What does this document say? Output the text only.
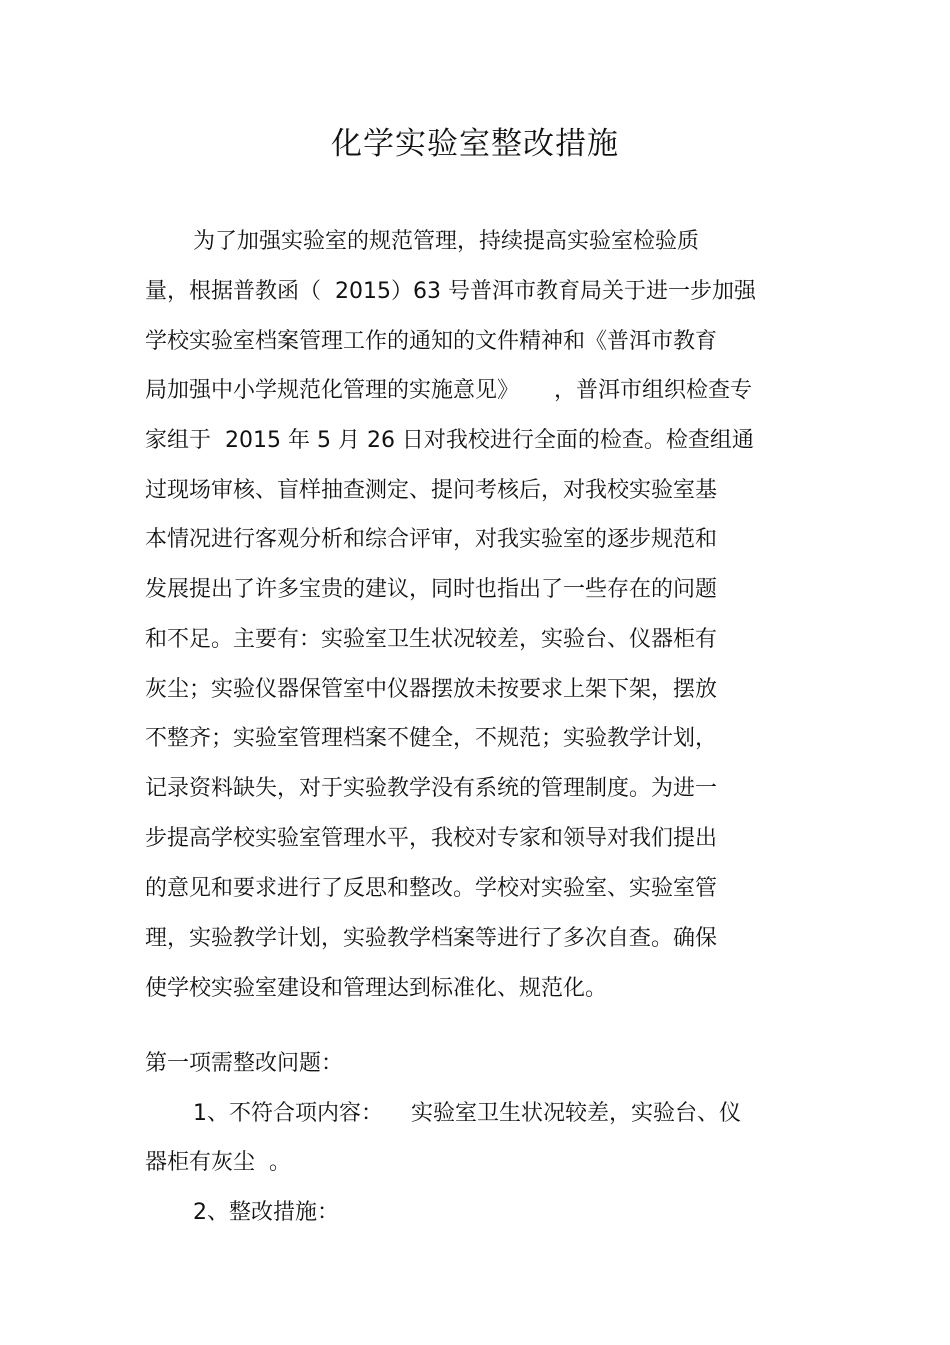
化学实验室整改措施
为了加强实验室的规范管理，持续提高实验室检验质
量，根据普教函（  2015）63 号普洱市教育局关于进一步加强
学校实验室档案管理工作的通知的文件精神和《普洱市教育
局加强中小学规范化管理的实施意见》     ，普洱市组织检查专
家组于  2015 年 5 月 26 日对我校进行全面的检查。检查组通
过现场审核、盲样抽查测定、提问考核后，对我校实验室基
本情况进行客观分析和综合评审，对我实验室的逐步规范和
发展提出了许多宝贵的建议，同时也指出了一些存在的问题
和不足。主要有：实验室卫生状况较差，实验台、仪器柜有
灰尘；实验仪器保管室中仪器摆放未按要求上架下架，摆放
不整齐；实验室管理档案不健全，不规范；实验教学计划，
记录资料缺失，对于实验教学没有系统的管理制度。为进一
步提高学校实验室管理水平，我校对专家和领导对我们提出
的意见和要求进行了反思和整改。学校对实验室、实验室管
理，实验教学计划，实验教学档案等进行了多次自查。确保
使学校实验室建设和管理达到标准化、规范化。
第一项需整改问题：
1、不符合项内容：    实验室卫生状况较差，实验台、仪
器柜有灰尘  。
2、整改措施：
